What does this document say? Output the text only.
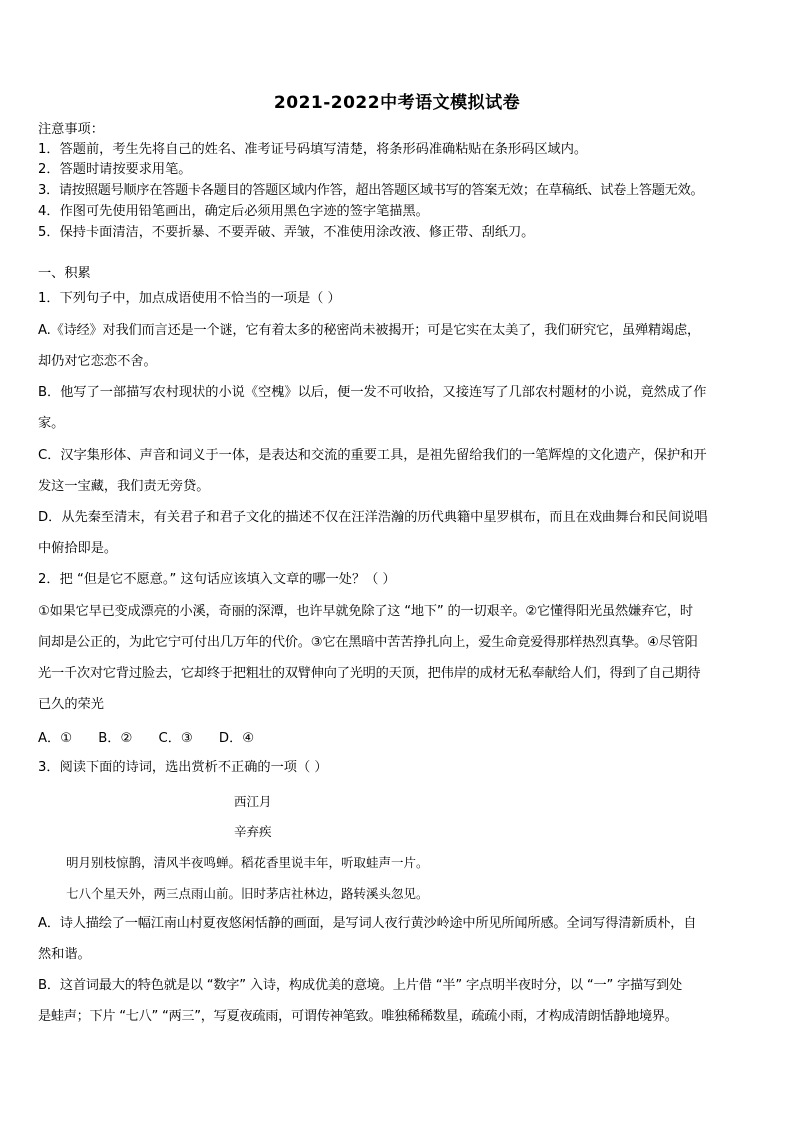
2021-2022中考语文模拟试卷
注意事项：
1．答题前，考生先将自己的姓名、准考证号码填写清楚，将条形码准确粘贴在条形码区域内。
2．答题时请按要求用笔。
3．请按照题号顺序在答题卡各题目的答题区域内作答，超出答题区域书写的答案无效；在草稿纸、试卷上答题无效。
4．作图可先使用铅笔画出，确定后必须用黑色字迹的签字笔描黑。
5．保持卡面清洁，不要折暴、不要弄破、弄皱，不准使用涂改液、修正带、刮纸刀。
一、积累
1．下列句子中，加点成语使用不恰当的一项是（ ）
A.《诗经》对我们而言还是一个谜，它有着太多的秘密尚未被揭开；可是它实在太美了，我们研究它，虽殚精竭虑，
却仍对它恋恋不舍。
B．他写了一部描写农村现状的小说《空槐》以后，便一发不可收拾，又接连写了几部农村题材的小说，竟然成了作
家。
C．汉字集形体、声音和词义于一体，是表达和交流的重要工具，是祖先留给我们的一笔辉煌的文化遗产，保护和开
发这一宝藏，我们责无旁贷。
D．从先秦至清末，有关君子和君子文化的描述不仅在汪洋浩瀚的历代典籍中星罗棋布，而且在戏曲舞台和民间说唱
中俯拾即是。
2．把 “但是它不愿意。” 这句话应该填入文章的哪一处？（ ）
①如果它早已变成漂亮的小溪，奇丽的深潭，也许早就免除了这 “地下” 的一切艰辛。②它懂得阳光虽然嫌弃它，时
间却是公正的，为此它宁可付出几万年的代价。③它在黑暗中苦苦挣扎向上，爱生命竟爱得那样热烈真挚。④尽管阳
光一千次对它背过脸去，它却终于把粗壮的双臂伸向了光明的天顶，把伟岸的成材无私奉献给人们，得到了自己期待
已久的荣光
A．① B．② C．③ D．④
3．阅读下面的诗词，选出赏析不正确的一项（ ）
西江月
辛弃疾
明月别枝惊鹊，清风半夜鸣蝉。稻花香里说丰年，听取蛙声一片。
七八个星天外，两三点雨山前。旧时茅店社林边，路转溪头忽见。
A．诗人描绘了一幅江南山村夏夜悠闲恬静的画面，是写词人夜行黄沙岭途中所见所闻所感。全词写得清新质朴，自
然和谐。
B．这首词最大的特色就是以 “数字” 入诗，构成优美的意境。上片借 “半” 字点明半夜时分，以 “一” 字描写到处
是蛙声；下片 “七八” “两三”，写夏夜疏雨，可谓传神笔致。唯独稀稀数星，疏疏小雨，才构成清朗恬静地境界。
